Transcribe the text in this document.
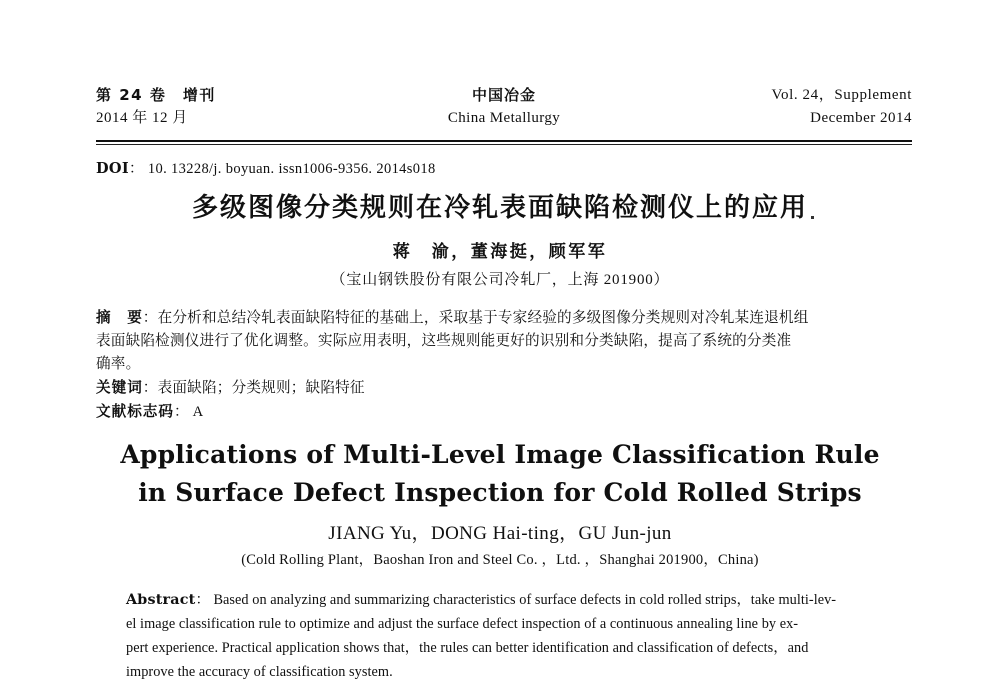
第 24 卷　增刊
2014 年 12 月
中国冶金
China Metallurgy
Vol. 24，Supplement
December 2014
DOI： 10. 13228/j. boyuan. issn1006-9356. 2014s018
多级图像分类规则在冷轧表面缺陷检测仪上的应用
蒋　渝，董海挺，顾军军
（宝山钢铁股份有限公司冷轧厂，上海 201900）
摘　要：在分析和总结冷轧表面缺陷特征的基础上，采取基于专家经验的多级图像分类规则对冷轧某连退机组
表面缺陷检测仪进行了优化调整。实际应用表明，这些规则能更好的识别和分类缺陷，提高了系统的分类准
确率。
关键词：表面缺陷；分类规则；缺陷特征
文献标志码： A
Applications of Multi-Level Image Classification Rule
in Surface Defect Inspection for Cold Rolled Strips
JIANG Yu，DONG Hai-ting，GU Jun-jun
(Cold Rolling Plant，Baoshan Iron and Steel Co. ，Ltd. ，Shanghai 201900，China)
Abstract： Based on analyzing and summarizing characteristics of surface defects in cold rolled strips，take multi-lev-
el image classification rule to optimize and adjust the surface defect inspection of a continuous annealing line by ex-
pert experience. Practical application shows that，the rules can better identification and classification of defects，and
improve the accuracy of classification system.
